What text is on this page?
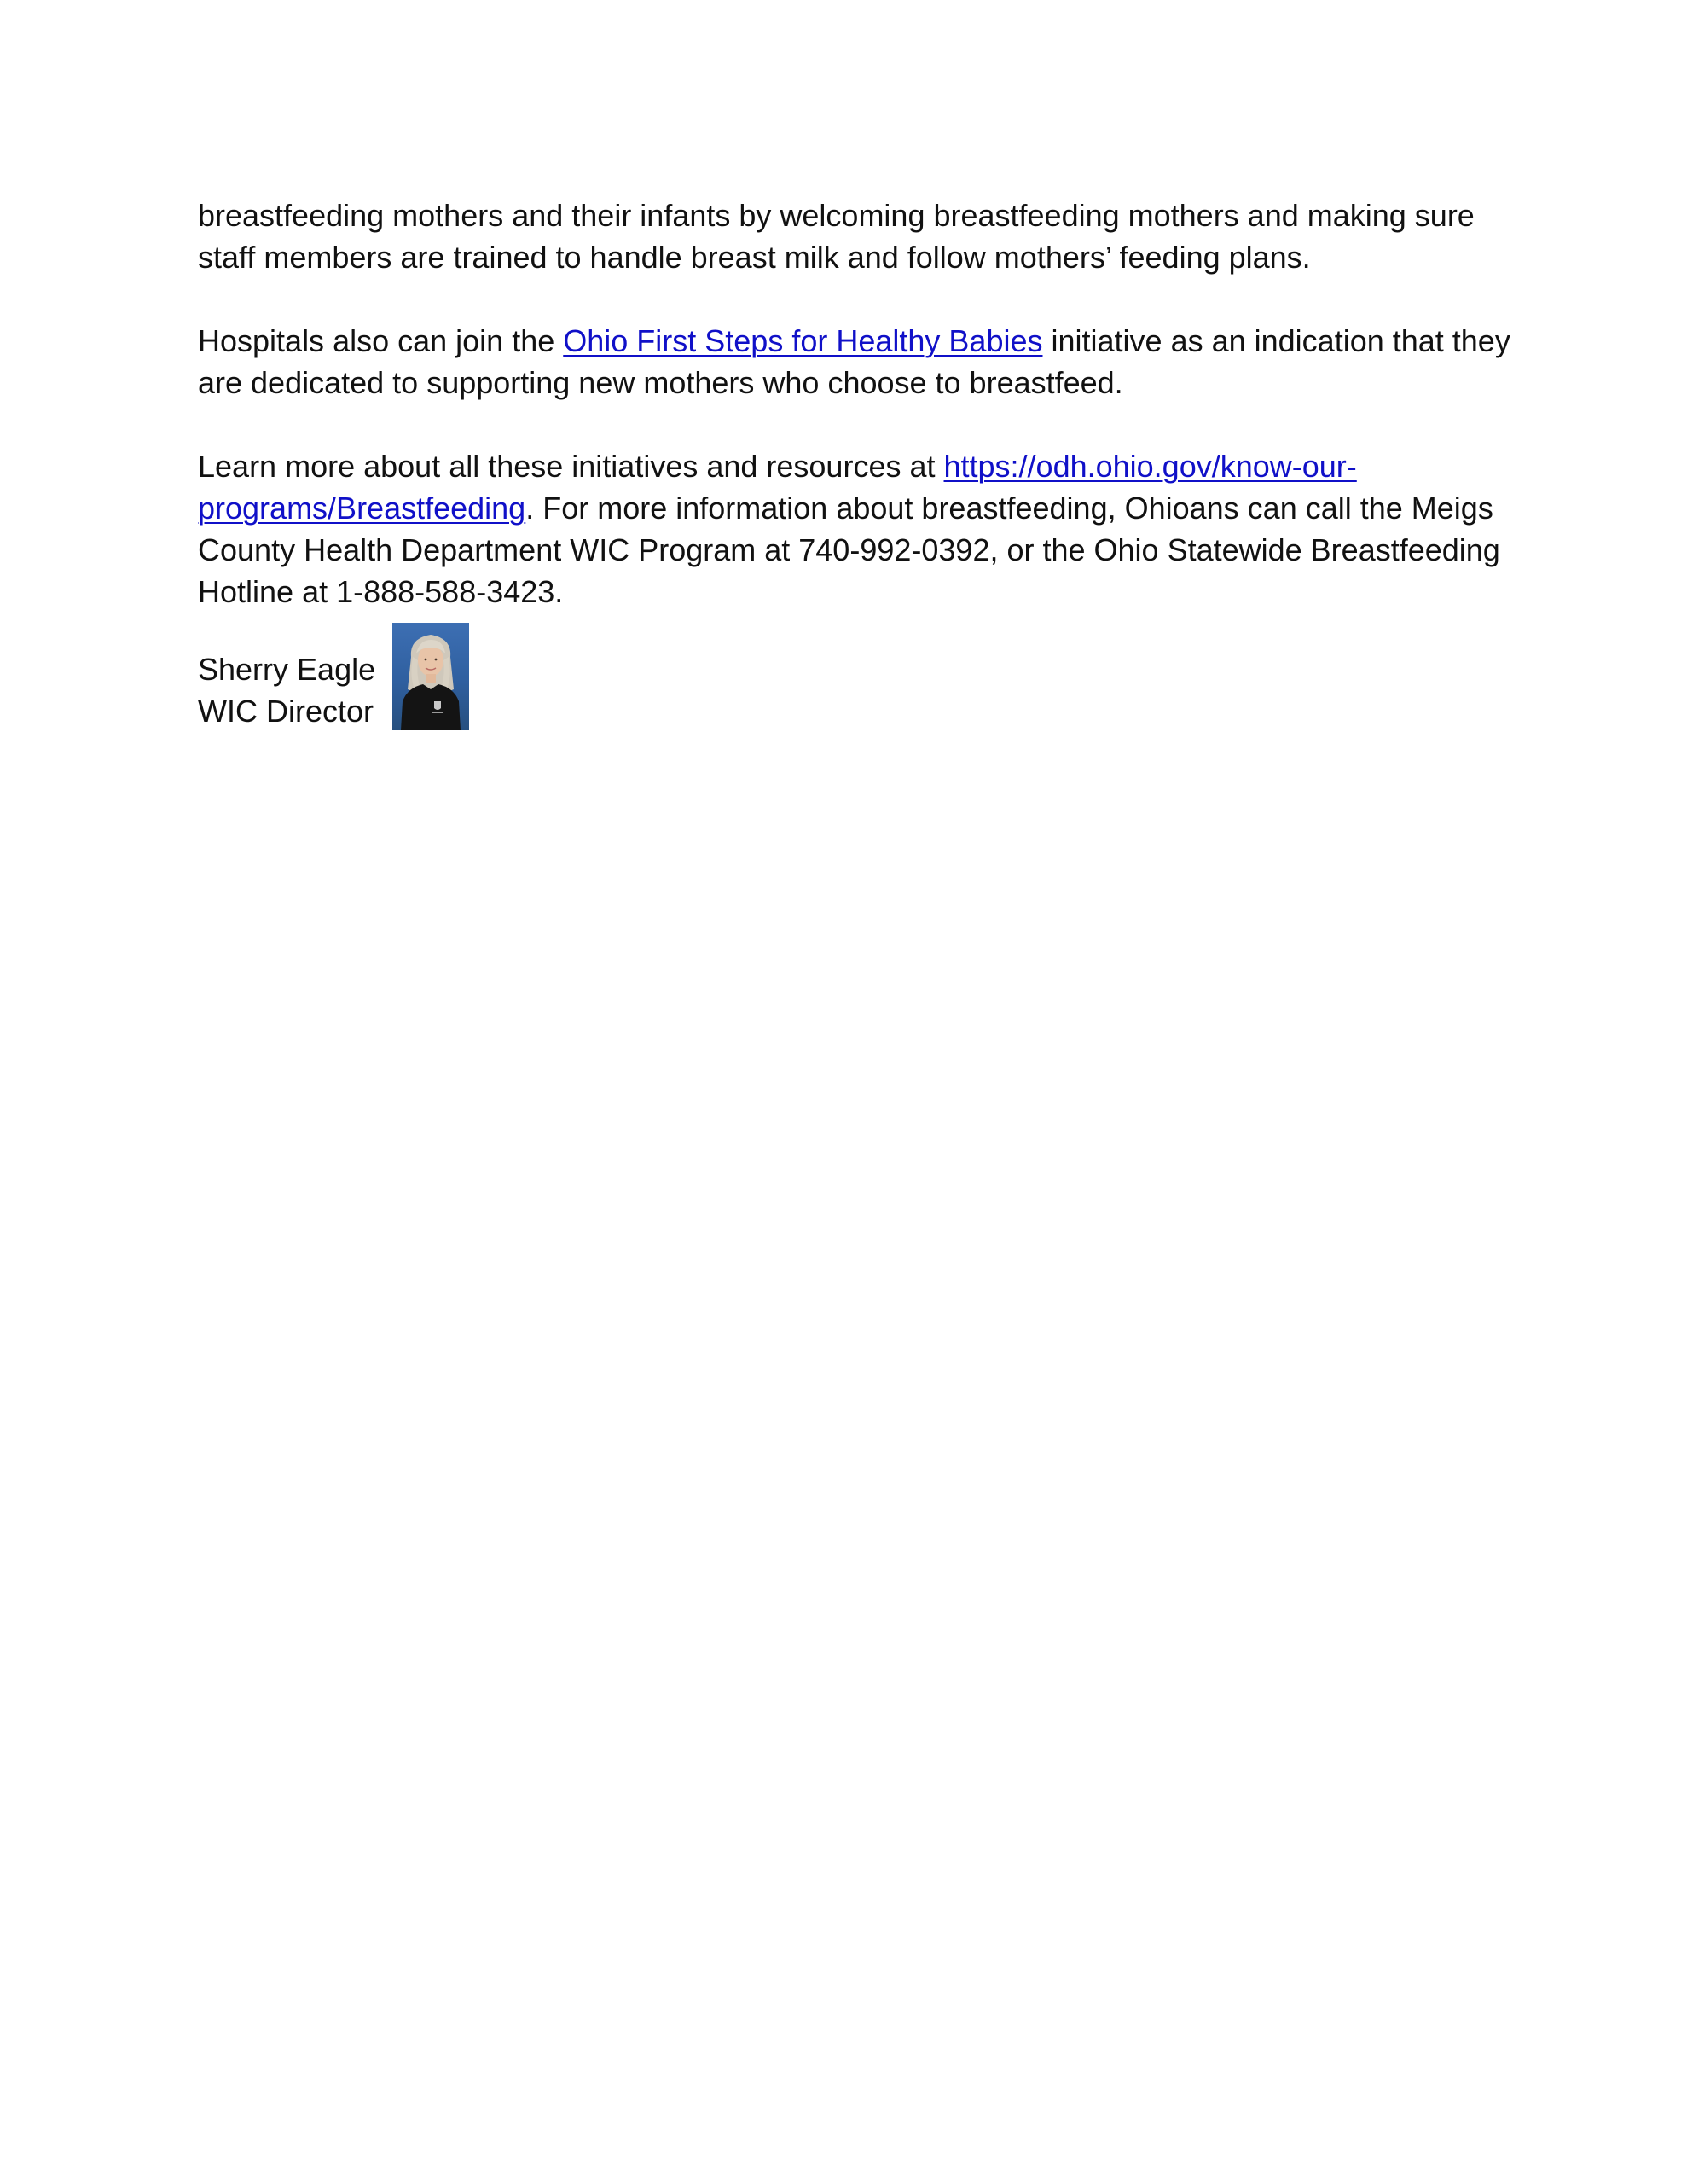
breastfeeding mothers and their infants by welcoming breastfeeding mothers and making sure staff members are trained to handle breast milk and follow mothers’ feeding plans.

Hospitals also can join the Ohio First Steps for Healthy Babies initiative as an indication that they are dedicated to supporting new mothers who choose to breastfeed.

Learn more about all these initiatives and resources at https://odh.ohio.gov/know-our-programs/Breastfeeding. For more information about breastfeeding, Ohioans can call the Meigs County Health Department WIC Program at 740-992-0392, or the Ohio Statewide Breastfeeding Hotline at 1-888-588-3423.

Sherry Eagle
WIC Director
